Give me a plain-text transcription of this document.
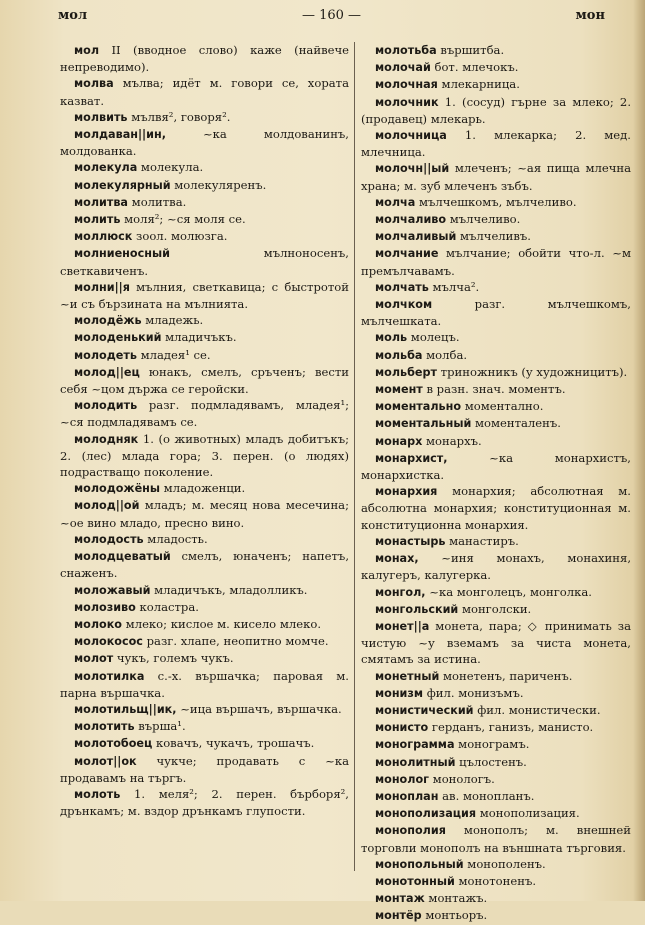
мол	— 160 —	мон

мол II (вводное слово) каже (найвече непреводимо).

молва мълва; идёт м. говори се, хората казват.

молвить мълвя², говоря².

молдаван||ин, ~ка молдованинъ, молдованка.

молекула молекула.

молекулярный молекуляренъ.

молитва молитва.

молить моля²; ~ся моля се.

моллюск зоол. молюзга.

молниеносный мълноносенъ, светкавиченъ.

молни||я мълния, светкавица; с быстротой ~и съ бързината на мълнията.

молодёжь младежь.

молоденький младичъкъ.

молодеть младея¹ се.

молод||ец юнакъ, смелъ, сръченъ; вести себя ~цом държа се геройски.

молодить разг. подмладявамъ, младея¹; ~ся подмладявамъ се.

молодняк 1. (о животных) младъ добитъкъ; 2. (лес) млада гора; 3. перен. (о людях) подрастващо поколение.

молодожёны младоженци.

молод||ой младъ; м. месяц нова месечина; ~ое вино младо, пресно вино.

молодость младость.

молодцеватый смелъ, юначенъ; напетъ, снаженъ.

моложавый младичъкъ, младолликъ.

молозиво коластра.

молоко млеко; кислое м. кисело млеко.

молокосос разг. хлапе, неопитно момче.

молот чукъ, големъ чукъ.

молотилка с.-х. вършачка; паровая м. парна вършачка.

молотильщ||ик, ~ица вършачъ, вършачка.

молотить вършa¹.

молотобоец ковачъ, чукачъ, трошачъ.

молот||ок чукче; продавать с ~ка продавамъ на търгъ.

молоть 1. меля²; 2. перен. бърборя², дрънкамъ; м. вздор дрънкамъ глупости.

молотьба вършитба.

молочай бот. млечокъ.

молочная млекарница.

молочник 1. (сосуд) гърне за млеко; 2. (продавец) млекарь.

молочница 1. млекарка; 2. мед. млечница.

молочн||ый млеченъ; ~ая пища млечна храна; м. зуб млеченъ зъбъ.

молча мълчешкомъ, мълчеливо.

молчаливо мълчеливо.

молчаливый мълчеливъ.

молчание мълчание; обойти что-л. ~м премълчавамъ.

молчать мълча².

молчком разг. мълчешкомъ, мълчешката.

моль молецъ.

мольба молба.

мольберт триножникъ (у художницитъ).

момент в разн. знач. моментъ.

моментально моментално.

моментальный моменталенъ.

монарх монархъ.

монархист, ~ка монархистъ, монархистка.

монархия монархия; абсолютная м. абсолютна монархия; конституционная м. конституционна монархия.

монастырь манастиръ.

монах, ~иня монахъ, монахиня, калугеръ, калугерка.

монгол, ~ка монголецъ, монголка.

монгольский монголски.

монет||а монета, пара; ◇ принимать за чистую ~у вземамъ за чиста монета, смятамъ за истина.

монетный монетенъ, париченъ.

монизм фил. монизъмъ.

монистический фил. монистически.

монисто герданъ, ганизъ, манисто.

монограмма монограмъ.

монолитный цълостенъ.

монолог монологъ.

моноплан ав. монопланъ.

монополизация монополизация.

монополия монополъ; м. внешней торговли монополъ на външната търговия.

монопольный монополенъ.

монотонный монотоненъ.

монтаж монтажъ.

монтёр монтьоръ.
